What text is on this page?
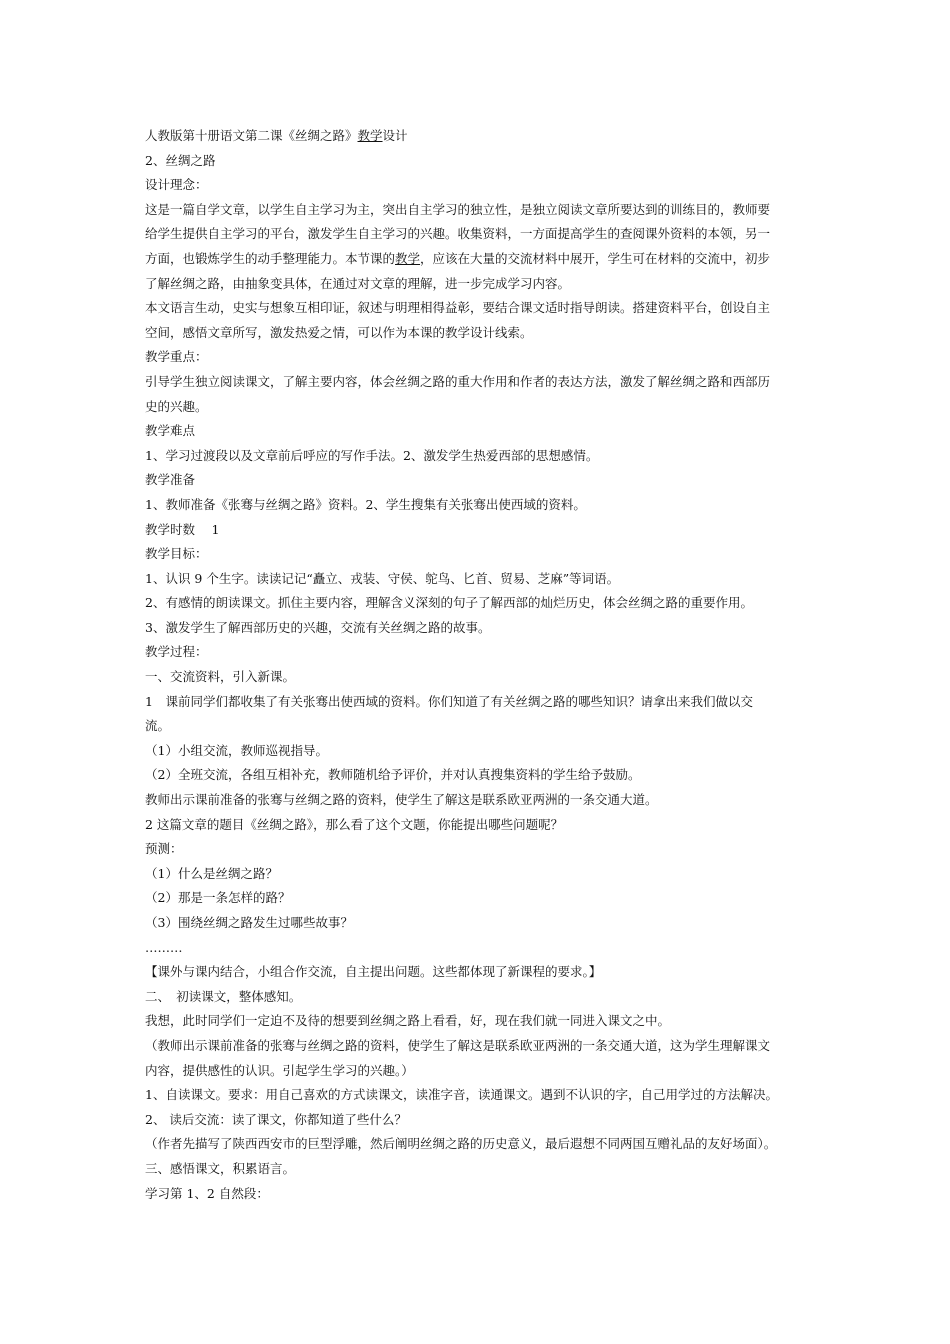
人教版第十册语文第二课《丝绸之路》教学设计
2、丝绸之路
设计理念：
这是一篇自学文章，以学生自主学习为主，突出自主学习的独立性，是独立阅读文章所要达到的训练目的，教师要
给学生提供自主学习的平台，激发学生自主学习的兴趣。收集资料，一方面提高学生的查阅课外资料的本领，另一
方面，也锻炼学生的动手整理能力。本节课的教学，应该在大量的交流材料中展开，学生可在材料的交流中，初步
了解丝绸之路，由抽象变具体，在通过对文章的理解，进一步完成学习内容。
本文语言生动，史实与想象互相印证，叙述与明理相得益彰，要结合课文适时指导朗读。搭建资料平台，创设自主
空间，感悟文章所写，激发热爱之情，可以作为本课的教学设计线索。
教学重点：
引导学生独立阅读课文，了解主要内容，体会丝绸之路的重大作用和作者的表达方法，激发了解丝绸之路和西部历
史的兴趣。
教学难点
1、学习过渡段以及文章前后呼应的写作手法。2、激发学生热爱西部的思想感情。
教学准备
1、教师准备《张骞与丝绸之路》资料。2、学生搜集有关张骞出使西域的资料。
教学时数　 1
教学目标：
1、认识 9 个生字。读读记记“矗立、戎装、守侯、鸵鸟、匕首、贸易、芝麻”等词语。
2、有感情的朗读课文。抓住主要内容，理解含义深刻的句子了解西部的灿烂历史，体会丝绸之路的重要作用。
3、激发学生了解西部历史的兴趣，交流有关丝绸之路的故事。
教学过程：
一、交流资料，引入新课。
1　课前同学们都收集了有关张骞出使西域的资料。你们知道了有关丝绸之路的哪些知识？请拿出来我们做以交
流。
（1）小组交流，教师巡视指导。
（2）全班交流，各组互相补充，教师随机给予评价，并对认真搜集资料的学生给予鼓励。
教师出示课前准备的张骞与丝绸之路的资料，使学生了解这是联系欧亚两洲的一条交通大道。
2 这篇文章的题目《丝绸之路》，那么看了这个文题，你能提出哪些问题呢？
预测：
（1）什么是丝绸之路？
（2）那是一条怎样的路？
（3）围绕丝绸之路发生过哪些故事？
………
【课外与课内结合，小组合作交流，自主提出问题。这些都体现了新课程的要求。】
二、　初读课文，整体感知。
我想，此时同学们一定迫不及待的想要到丝绸之路上看看，好，现在我们就一同进入课文之中。
（教师出示课前准备的张骞与丝绸之路的资料，使学生了解这是联系欧亚两洲的一条交通大道，这为学生理解课文
内容，提供感性的认识。引起学生学习的兴趣。）
1、自读课文。要求：用自己喜欢的方式读课文，读准字音，读通课文。遇到不认识的字，自己用学过的方法解决。
2、 读后交流：读了课文，你都知道了些什么？
（作者先描写了陕西西安市的巨型浮雕，然后阐明丝绸之路的历史意义，最后遐想不同两国互赠礼品的友好场面）。
三、感悟课文，积累语言。
学习第 1、2 自然段：
